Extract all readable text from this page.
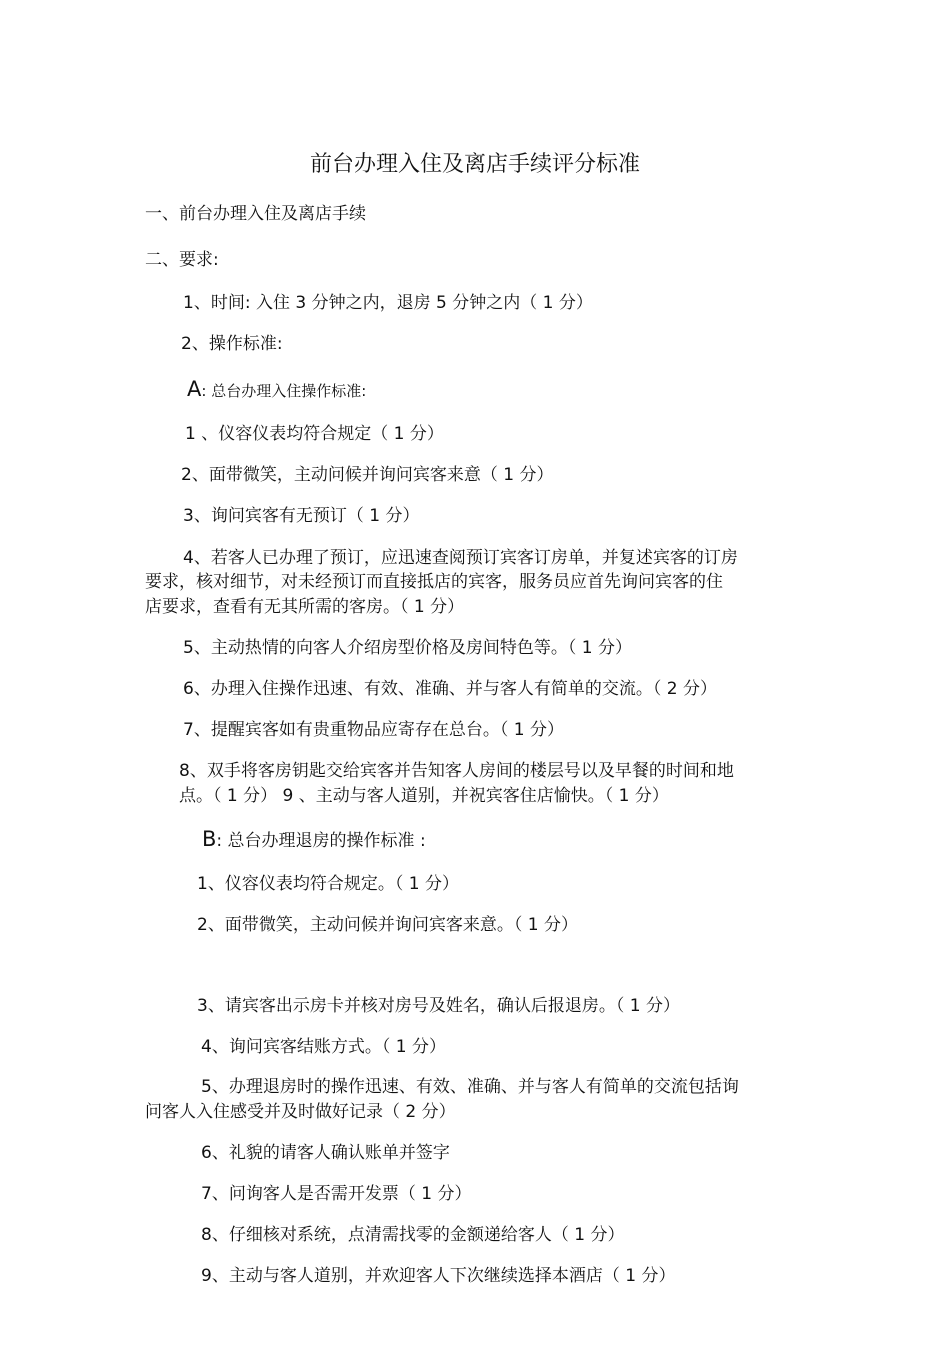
前台办理入住及离店手续评分标准

一、前台办理入住及离店手续

二、要求:

1、时间: 入住 3 分钟之内，退房 5 分钟之内（ 1 分）

2、操作标准:

A: 总台办理入住操作标准:

1 、仪容仪表均符合规定（ 1 分）

2、面带微笑，主动问候并询问宾客来意（ 1 分）

3、询问宾客有无预订（ 1 分）

4、若客人已办理了预订，应迅速查阅预订宾客订房单，并复述宾客的订房

要求，核对细节，对未经预订而直接抵店的宾客，服务员应首先询问宾客的住

店要求，查看有无其所需的客房。（ 1 分）

5、主动热情的向客人介绍房型价格及房间特色等。（ 1 分）

6、办理入住操作迅速、有效、准确、并与客人有简单的交流。（ 2 分）

7、提醒宾客如有贵重物品应寄存在总台。（ 1 分）

8、双手将客房钥匙交给宾客并告知客人房间的楼层号以及早餐的时间和地

点。（ 1 分） 9 、主动与客人道别，并祝宾客住店愉快。（ 1 分）

B: 总台办理退房的操作标准 :

1、仪容仪表均符合规定。（ 1 分）

2、面带微笑，主动问候并询问宾客来意。（ 1 分）

3、请宾客出示房卡并核对房号及姓名，确认后报退房。（ 1 分）

4、询问宾客结账方式。（ 1 分）

5、办理退房时的操作迅速、有效、准确、并与客人有简单的交流包括询

问客人入住感受并及时做好记录（ 2 分）

6、礼貌的请客人确认账单并签字

7、问询客人是否需开发票（ 1 分）

8、仔细核对系统，点清需找零的金额递给客人（ 1 分）

9、主动与客人道别，并欢迎客人下次继续选择本酒店（ 1 分）
